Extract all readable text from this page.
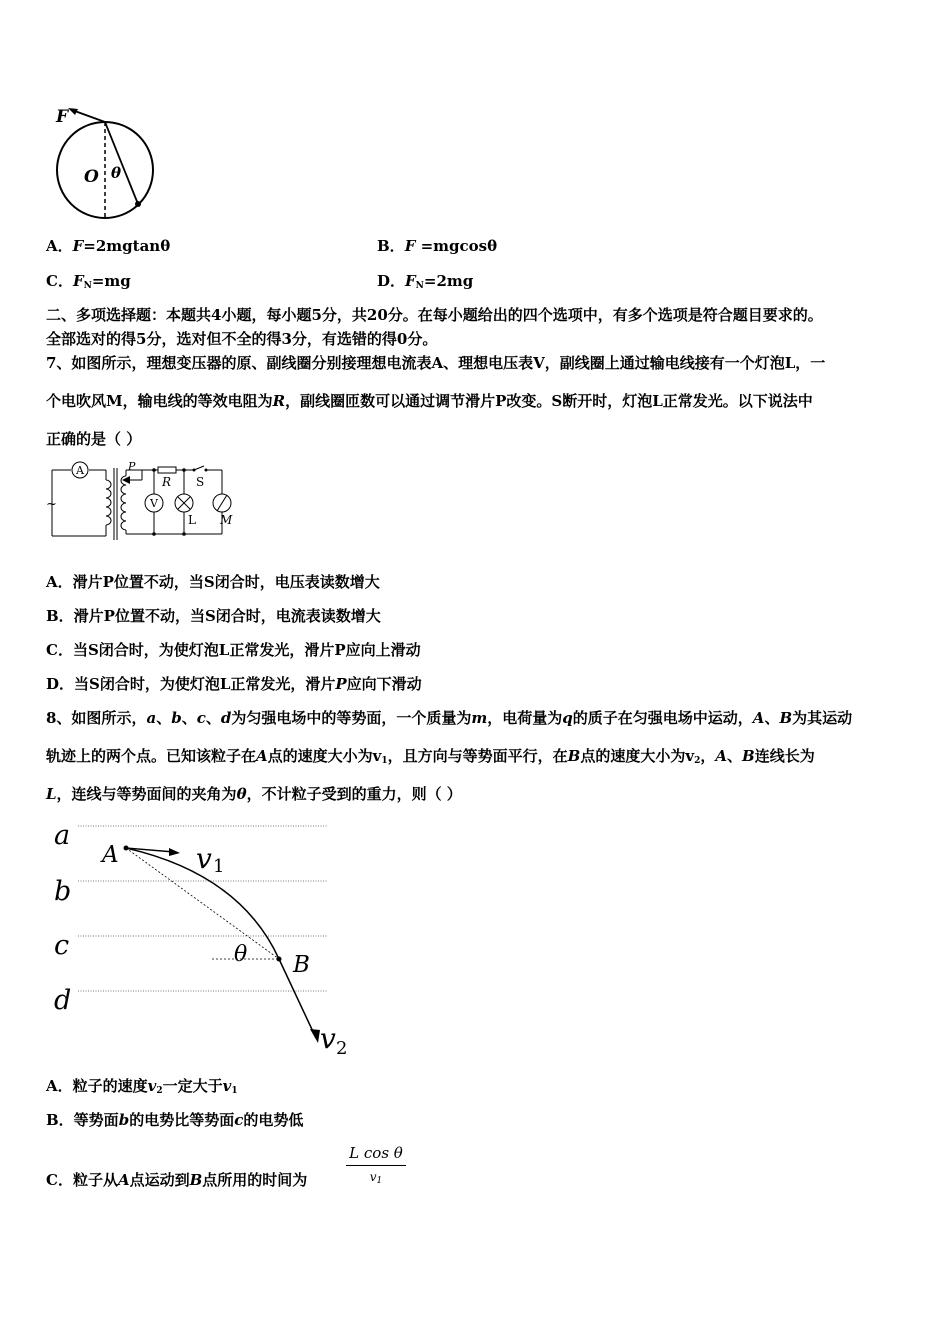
F
O θ
A．F=2mgtanθ	B．F =mgcosθ
C．$F_N=mg$	D．$F_N=2mg$
二、多项选择题：本题共4小题，每小题5分，共20分。在每小题给出的四个选项中，有多个选项是符合题目要求的。
全部选对的得5分，选对但不全的得3分，有选错的得0分。
7、如图所示，理想变压器的原、副线圈分别接理想电流表A、理想电压表V，副线圈上通过输电线接有一个灯泡L，一
个电吹风M，输电线的等效电阻为R，副线圈匝数可以通过调节滑片P改变。S断开时，灯泡L正常发光。以下说法中
正确的是（ ）
A
~
P
R S
V
L M
A．滑片P位置不动，当S闭合时，电压表读数增大
B．滑片P位置不动，当S闭合时，电流表读数增大
C．当S闭合时，为使灯泡L正常发光，滑片P应向上滑动
D．当S闭合时，为使灯泡L正常发光，滑片P应向下滑动
8、如图所示，a、b、c、d为匀强电场中的等势面，一个质量为m，电荷量为q的质子在匀强电场中运动，A、B为其运动
轨迹上的两个点。已知该粒子在A点的速度大小为$v_1$，且方向与等势面平行，在B点的速度大小为$v_2$，A、B连线长为
L，连线与等势面间的夹角为θ，不计粒子受到的重力，则（ ）
a
b
c
d
A
B
v 1
v 2
θ
A．粒子的速度$v_2$一定大于$v_1$
B．等势面b的电势比等势面c的电势低
C．粒子从A点运动到B点所用的时间为
L cos θ
$v_1$
